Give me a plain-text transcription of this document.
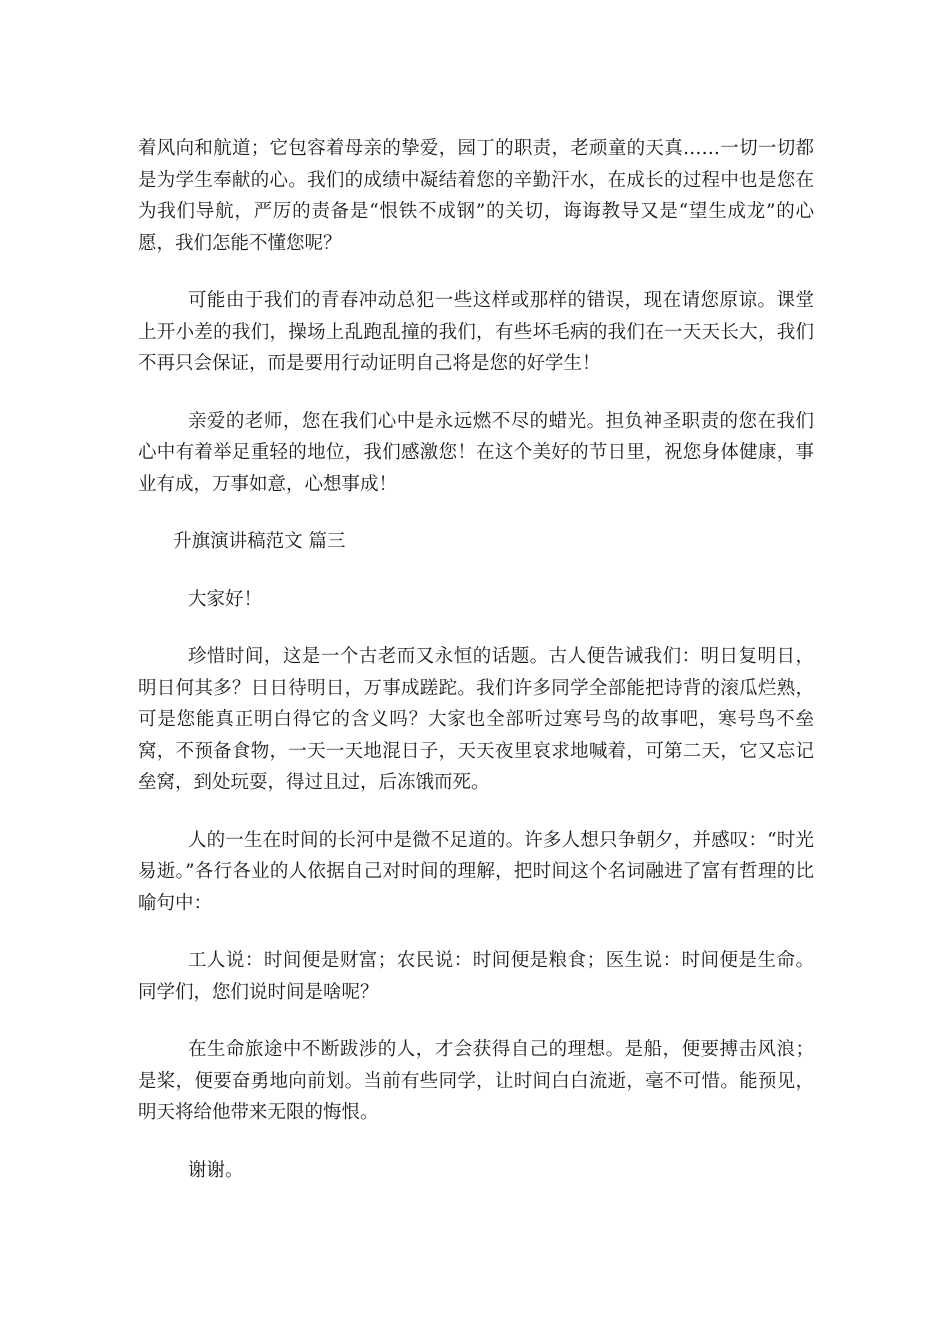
着风向和航道；它包容着母亲的挚爱，园丁的职责，老顽童的天真……一切一切都是为学生奉献的心。我们的成绩中凝结着您的辛勤汗水，在成长的过程中也是您在为我们导航，严厉的责备是“恨铁不成钢”的关切，诲诲教导又是“望生成龙”的心愿，我们怎能不懂您呢？

可能由于我们的青春冲动总犯一些这样或那样的错误，现在请您原谅。课堂上开小差的我们，操场上乱跑乱撞的我们，有些坏毛病的我们在一天天长大，我们不再只会保证，而是要用行动证明自己将是您的好学生！

亲爱的老师，您在我们心中是永远燃不尽的蜡光。担负神圣职责的您在我们心中有着举足重轻的地位，我们感激您！在这个美好的节日里，祝您身体健康，事业有成，万事如意，心想事成！

升旗演讲稿范文 篇三

大家好！

珍惜时间，这是一个古老而又永恒的话题。古人便告诫我们：明日复明日，明日何其多？日日待明日，万事成蹉跎。我们许多同学全部能把诗背的滚瓜烂熟，可是您能真正明白得它的含义吗？大家也全部听过寒号鸟的故事吧，寒号鸟不垒窝，不预备食物，一天一天地混日子，天天夜里哀求地喊着，可第二天，它又忘记垒窝，到处玩耍，得过且过，后冻饿而死。

人的一生在时间的长河中是微不足道的。许多人想只争朝夕，并感叹：“时光易逝。”各行各业的人依据自己对时间的理解，把时间这个名词融进了富有哲理的比喻句中：

工人说：时间便是财富；农民说：时间便是粮食；医生说：时间便是生命。同学们，您们说时间是啥呢？

在生命旅途中不断跋涉的人，才会获得自己的理想。是船，便要搏击风浪；是桨，便要奋勇地向前划。当前有些同学，让时间白白流逝，毫不可惜。能预见，明天将给他带来无限的悔恨。

谢谢。
